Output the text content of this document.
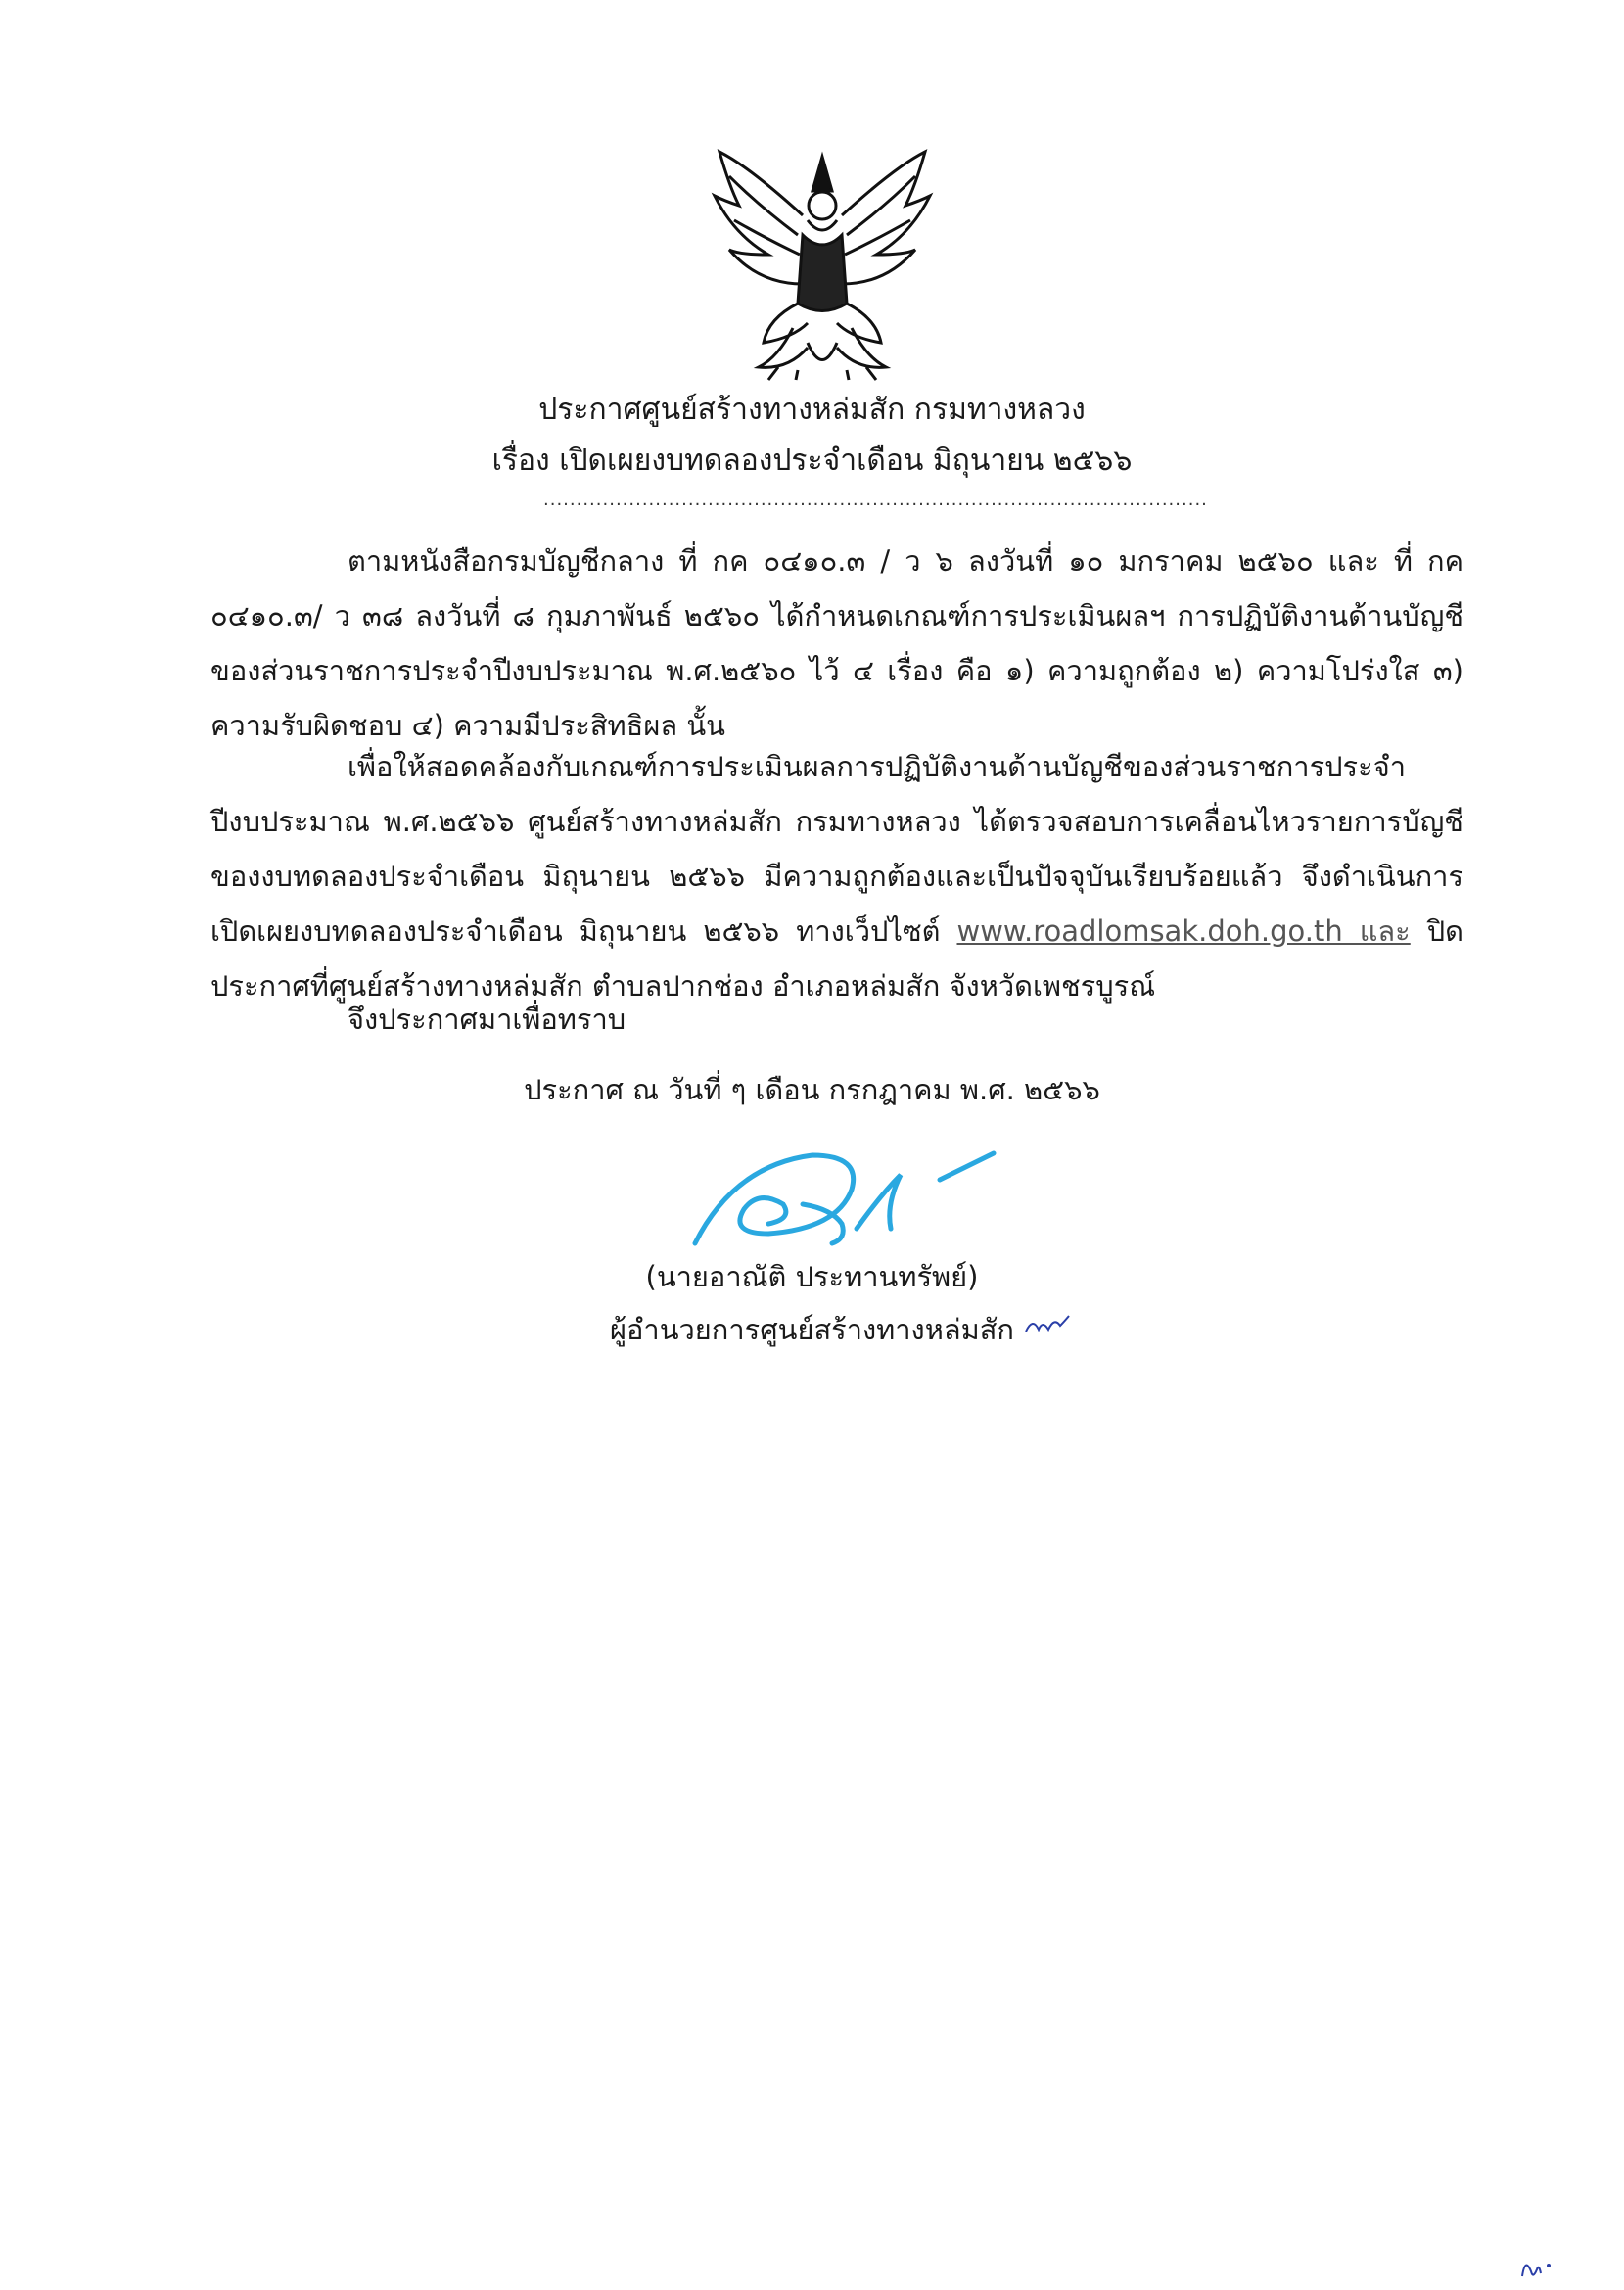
ประกาศศูนย์สร้างทางหล่มสัก กรมทางหลวง
เรื่อง เปิดเผยงบทดลองประจำเดือน มิถุนายน ๒๕๖๖
.....................................................................................................
ตามหนังสือกรมบัญชีกลาง ที่ กค ๐๔๑๐.๓ / ว ๖ ลงวันที่ ๑๐ มกราคม ๒๕๖๐ และ ที่ กค ๐๔๑๐.๓/ ว ๓๘ ลงวันที่ ๘ กุมภาพันธ์ ๒๕๖๐ ได้กำหนดเกณฑ์การประเมินผลฯ การปฏิบัติงานด้านบัญชีของส่วนราชการประจำปีงบประมาณ พ.ศ.๒๕๖๐ ไว้ ๔ เรื่อง คือ ๑) ความถูกต้อง ๒) ความโปร่งใส ๓) ความรับผิดชอบ ๔) ความมีประสิทธิผล นั้น
เพื่อให้สอดคล้องกับเกณฑ์การประเมินผลการปฏิบัติงานด้านบัญชีของส่วนราชการประจำปีงบประมาณ พ.ศ.๒๕๖๖ ศูนย์สร้างทางหล่มสัก กรมทางหลวง ได้ตรวจสอบการเคลื่อนไหวรายการบัญชีของงบทดลองประจำเดือน มิถุนายน ๒๕๖๖ มีความถูกต้องและเป็นปัจจุบันเรียบร้อยแล้ว จึงดำเนินการเปิดเผยงบทดลองประจำเดือน มิถุนายน ๒๕๖๖ ทางเว็ปไซต์ www.roadlomsak.doh.go.th และ ปิดประกาศที่ศูนย์สร้างทางหล่มสัก ตำบลปากช่อง อำเภอหล่มสัก จังหวัดเพชรบูรณ์
จึงประกาศมาเพื่อทราบ
ประกาศ ณ วันที่ ๆ เดือน กรกฎาคม พ.ศ. ๒๕๖๖
(นายอาณัติ ประทานทรัพย์)
ผู้อำนวยการศูนย์สร้างทางหล่มสัก
